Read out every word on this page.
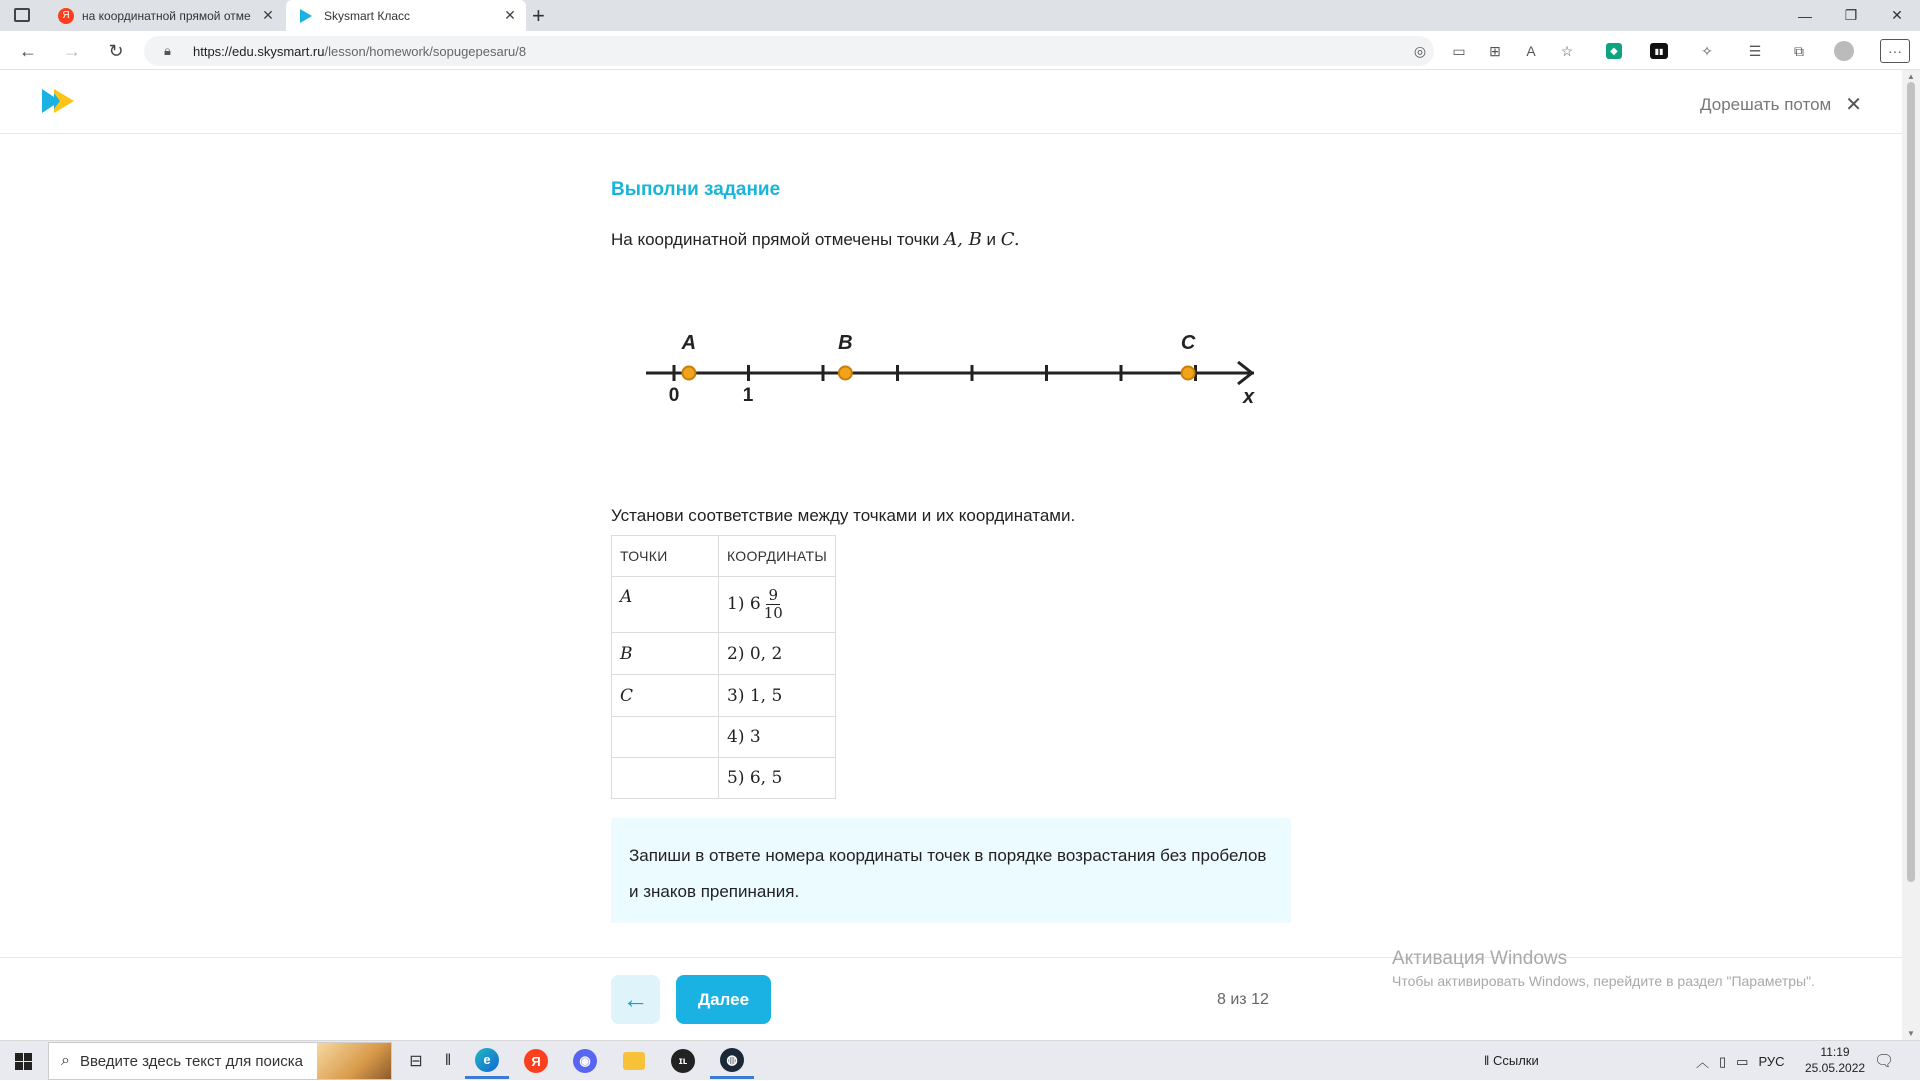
Я	на координатной прямой отме ✕	Skysmart Класс	✕ +	—	❐	✕
← →	↻	🔒︎ https://edu.skysmart.ru/lesson/homework/sopugepesaru/8	◎	▭	⊞	A	☆	◆	▮▮	✧	☰	⧉	···
Дорешать потом ✕
Выполни задание
На координатной прямой отмечены точки A, B и C.
A	B	C
x
0	1
Установи соответствие между точками и их координатами.
ТОЧКИ	КООРДИНАТЫ
A	1) $6 \frac{9}{10}$

B	2) 0, 2
C	3) 1, 5
	4) 3
	5) 6, 5
Запиши в ответе номера координаты точек в порядке возрастания без пробелов и знаков препинания.
←	Далее	8 из 12
Активация Windows
Чтобы активировать Windows, перейдите в раздел "Параметры".
▲
▼
⌕ Введите здесь текст для поиска	⊟ ‖	e	Я	◉	ɪʟ	◍	‖ Ссылки	︿ ▯ ▭ РУС
11:19
25.05.2022 🗨︎
